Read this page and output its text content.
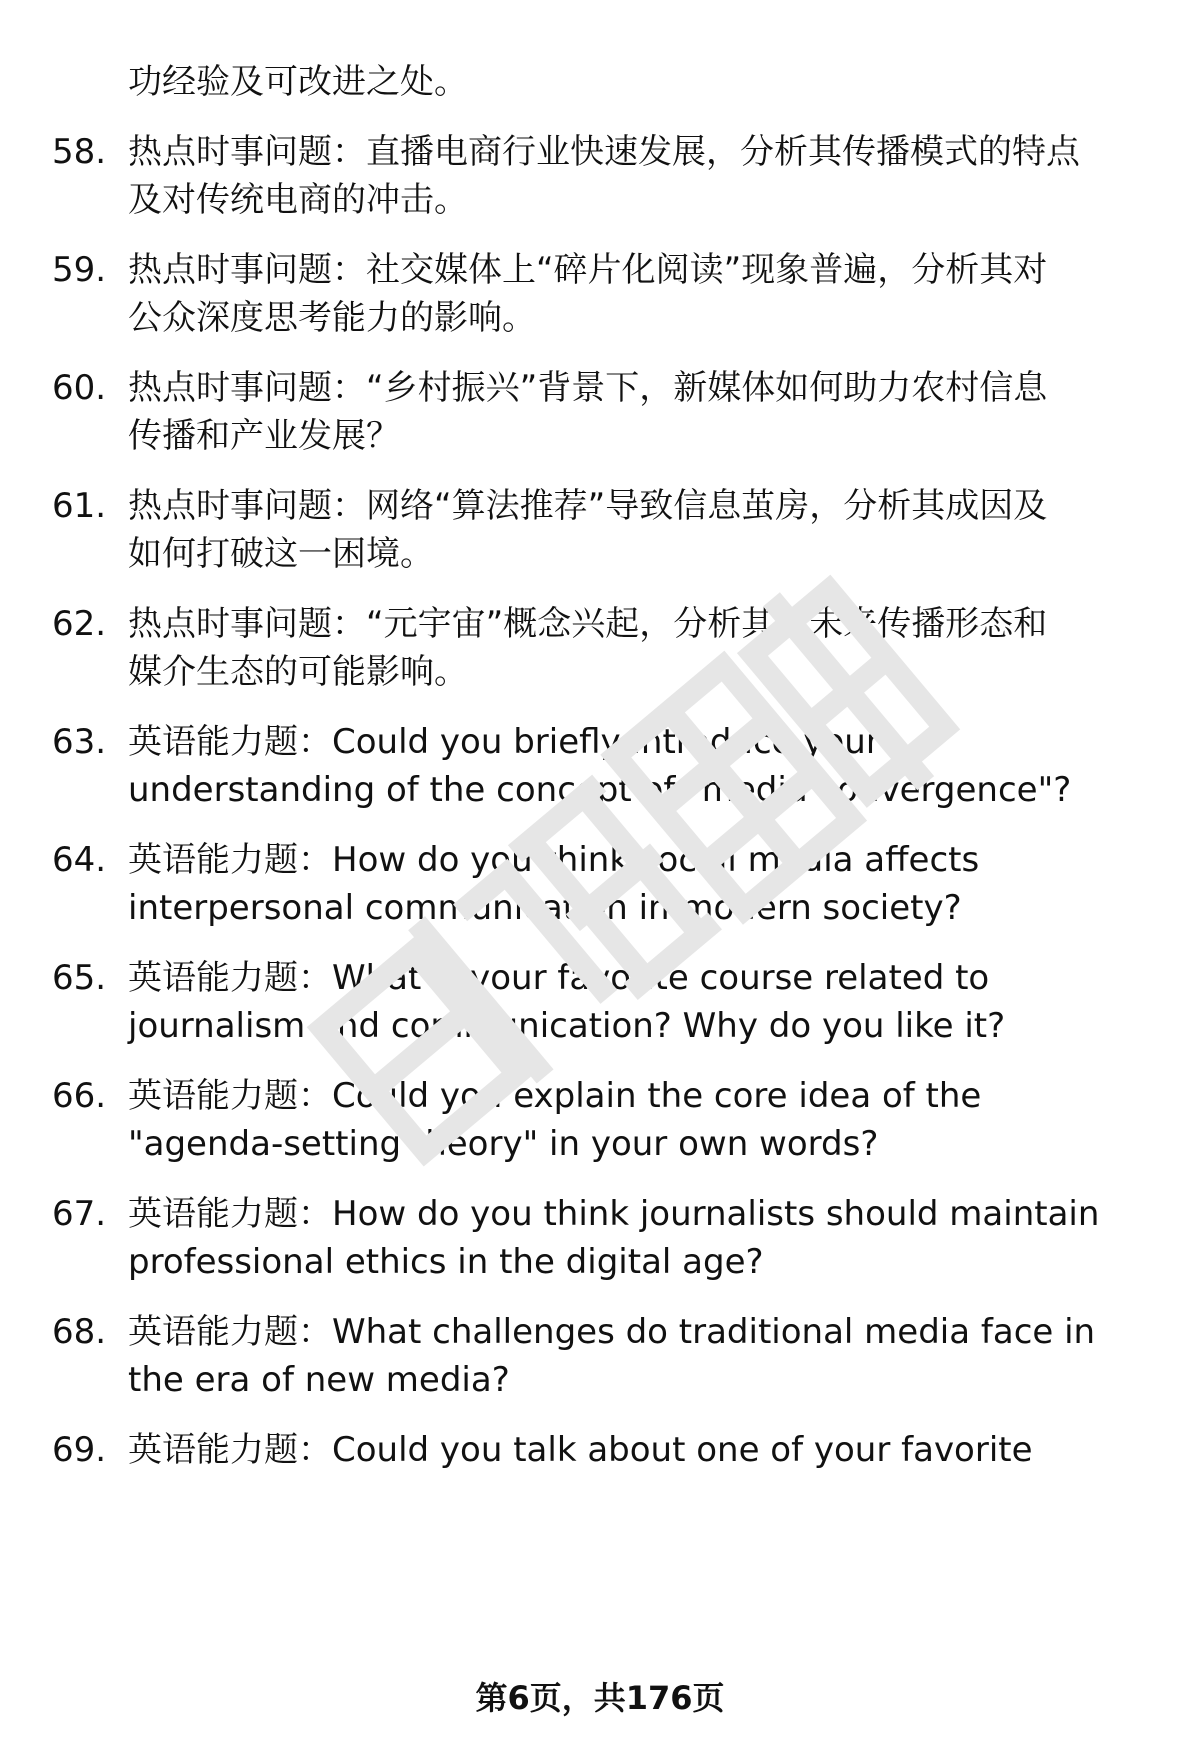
功经验及可改进之处。
58. 热点时事问题：直播电商行业快速发展，分析其传播模式的特点
及对传统电商的冲击。
59. 热点时事问题：社交媒体上“碎片化阅读”现象普遍，分析其对
公众深度思考能力的影响。
60. 热点时事问题：“乡村振兴”背景下，新媒体如何助力农村信息
传播和产业发展？
61. 热点时事问题：网络“算法推荐”导致信息茧房，分析其成因及
如何打破这一困境。
62. 热点时事问题：“元宇宙”概念兴起，分析其对未来传播形态和
媒介生态的可能影响。
63. 英语能力题：Could you briefly introduce your
understanding of the concept of "media convergence"?
64. 英语能力题：How do you think social media affects
interpersonal communication in modern society?
65. 英语能力题：What is your favorite course related to
journalism and communication? Why do you like it?
66. 英语能力题：Could you explain the core idea of the
"agenda-setting theory" in your own words?
67. 英语能力题：How do you think journalists should maintain
professional ethics in the digital age?
68. 英语能力题：What challenges do traditional media face in
the era of new media?
69. 英语能力题：Could you talk about one of your favorite
第6页，共176页
